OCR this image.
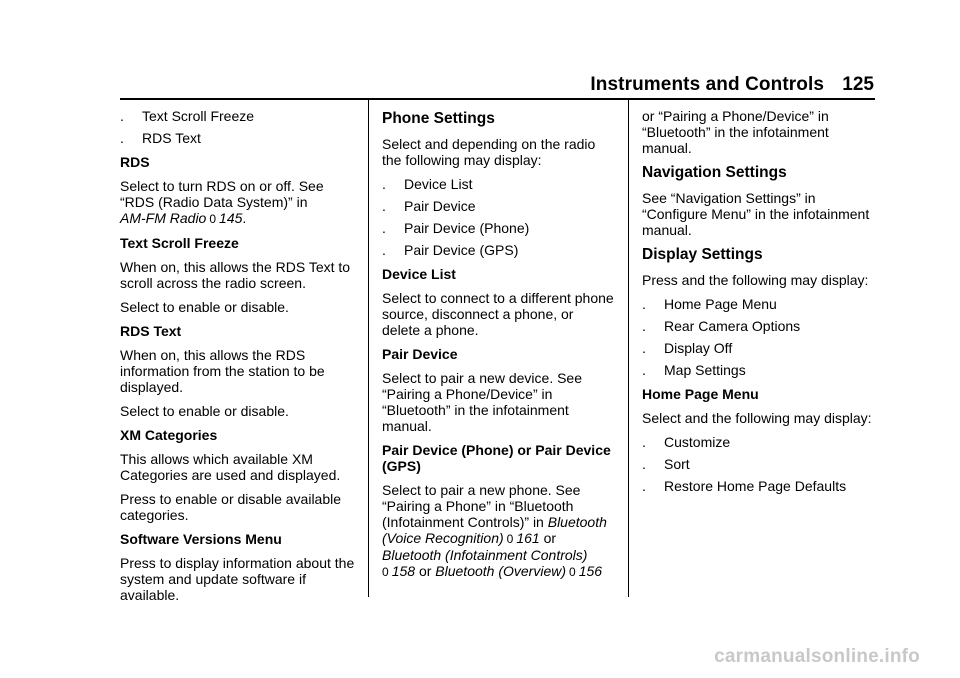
Instruments and Controls 125
.	Text Scroll Freeze
.	RDS Text
RDS
Select to turn RDS on or off. See “RDS (Radio Data System)” in
AM-FM Radio 0 145.
Text Scroll Freeze
When on, this allows the RDS Text to scroll across the radio screen.
Select to enable or disable.
RDS Text
When on, this allows the RDS information from the station to be displayed.
Select to enable or disable.
XM Categories
This allows which available XM Categories are used and displayed.
Press to enable or disable available categories.
Software Versions Menu
Press to display information about the system and update software if available.
Phone Settings
Select and depending on the radio the following may display:
.	Device List
.	Pair Device
.	Pair Device (Phone)
.	Pair Device (GPS)
Device List
Select to connect to a different phone source, disconnect a phone, or delete a phone.
Pair Device
Select to pair a new device. See “Pairing a Phone/Device” in “Bluetooth” in the infotainment manual.
Pair Device (Phone) or Pair Device (GPS)
Select to pair a new phone. See “Pairing a Phone” in “Bluetooth (Infotainment Controls)” in Bluetooth (Voice Recognition) 0 161 or Bluetooth (Infotainment Controls)
0 158 or Bluetooth (Overview) 0 156
or “Pairing a Phone/Device” in “Bluetooth” in the infotainment manual.
Navigation Settings
See “Navigation Settings” in “Configure Menu” in the infotainment manual.
Display Settings
Press and the following may display:
.	Home Page Menu
.	Rear Camera Options
.	Display Off
.	Map Settings
Home Page Menu
Select and the following may display:
.	Customize
.	Sort
.	Restore Home Page Defaults
carmanualsonline.info
